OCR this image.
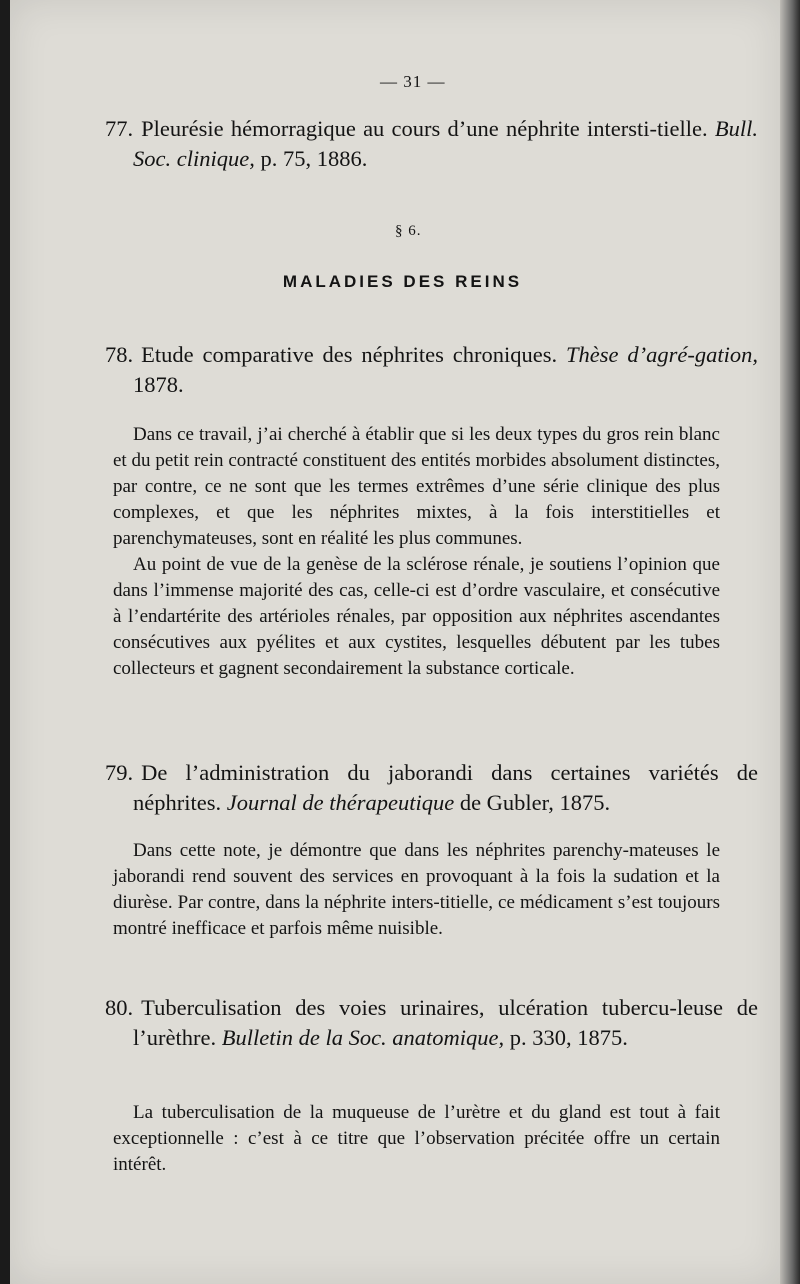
— 31 —
77. Pleurésie hémorragique au cours d’une néphrite intersti-tielle. Bull. Soc. clinique, p. 75, 1886.
§ 6.
MALADIES DES REINS
78. Etude comparative des néphrites chroniques. Thèse d’agré-gation, 1878.

Dans ce travail, j’ai cherché à établir que si les deux types du gros rein blanc et du petit rein contracté constituent des entités morbides absolument distinctes, par contre, ce ne sont que les termes extrêmes d’une série clinique des plus complexes, et que les néphrites mixtes, à la fois interstitielles et parenchymateuses, sont en réalité les plus communes.

Au point de vue de la genèse de la sclérose rénale, je soutiens l’opinion que dans l’immense majorité des cas, celle-ci est d’ordre vasculaire, et consécutive à l’endartérite des artérioles rénales, par opposition aux néphrites ascendantes consécutives aux pyélites et aux cystites, lesquelles débutent par les tubes collecteurs et gagnent secondairement la substance corticale.

79. De l’administration du jaborandi dans certaines variétés de néphrites. Journal de thérapeutique de Gubler, 1875.

Dans cette note, je démontre que dans les néphrites parenchy-mateuses le jaborandi rend souvent des services en provoquant à la fois la sudation et la diurèse. Par contre, dans la néphrite inters-titielle, ce médicament s’est toujours montré inefficace et parfois même nuisible.

80. Tuberculisation des voies urinaires, ulcération tubercu-leuse de l’urèthre. Bulletin de la Soc. anatomique, p. 330, 1875.

La tuberculisation de la muqueuse de l’urètre et du gland est tout à fait exceptionnelle : c’est à ce titre que l’observation précitée offre un certain intérêt.
